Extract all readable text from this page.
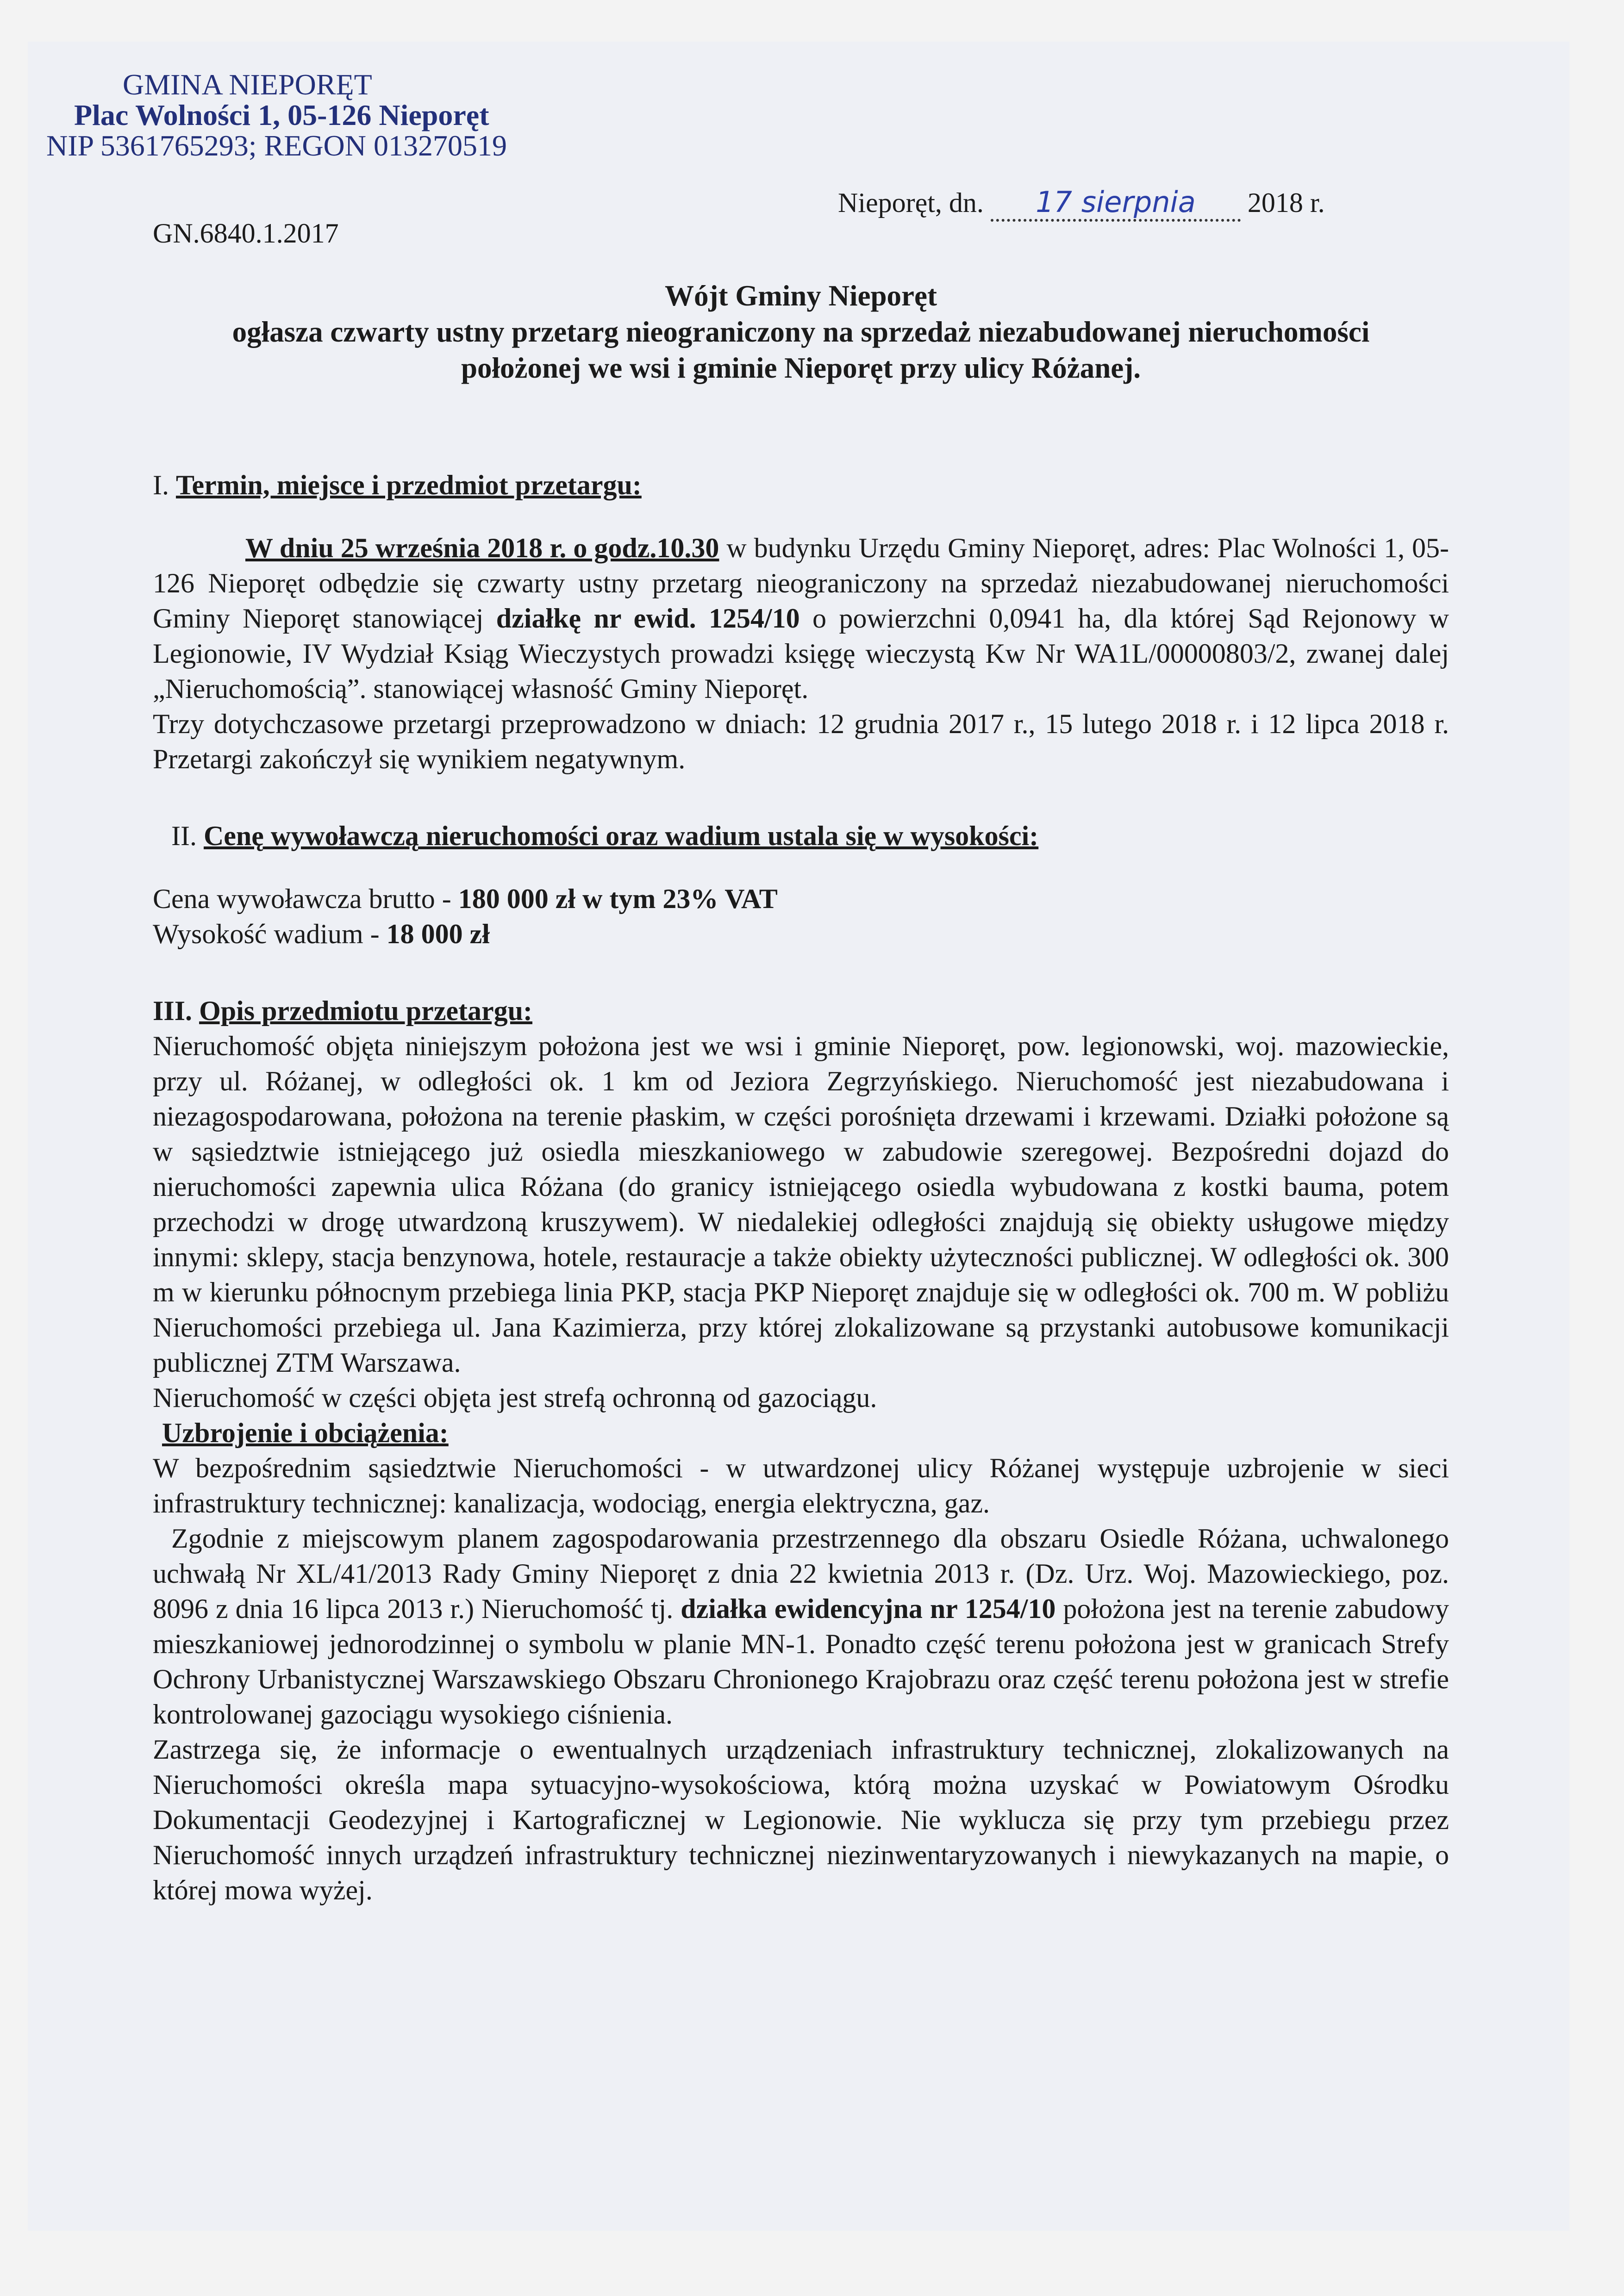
GMINA NIEPORĘT
Plac Wolności 1, 05-126 Nieporęt
NIP 5361765293; REGON 013270519
GN.6840.1.2017
Nieporęt, dn. 17 sierpnia 2018 r.
Wójt Gminy Nieporęt
ogłasza czwarty ustny przetarg nieograniczony na sprzedaż niezabudowanej nieruchomości
położonej we wsi i gminie Nieporęt przy ulicy Różanej.

I. Termin, miejsce i przedmiot przetargu:

W dniu 25 września 2018 r. o godz.10.30 w budynku Urzędu Gminy Nieporęt, adres: Plac Wolności 1, 05-126 Nieporęt odbędzie się czwarty ustny przetarg nieograniczony na sprzedaż niezabudowanej nieruchomości Gminy Nieporęt stanowiącej działkę nr ewid. 1254/10 o powierzchni 0,0941 ha, dla której Sąd Rejonowy w Legionowie, IV Wydział Ksiąg Wieczystych prowadzi księgę wieczystą Kw Nr WA1L/00000803/2, zwanej dalej „Nieruchomością”. stanowiącej własność Gminy Nieporęt.

Trzy dotychczasowe przetargi przeprowadzono w dniach: 12 grudnia 2017 r., 15 lutego 2018 r. i 12 lipca 2018 r. Przetargi zakończył się wynikiem negatywnym.

II. Cenę wywoławczą nieruchomości oraz wadium ustala się w wysokości:

Cena wywoławcza brutto - 180 000 zł w tym 23% VAT

Wysokość wadium - 18 000 zł

III. Opis przedmiotu przetargu:

Nieruchomość objęta niniejszym położona jest we wsi i gminie Nieporęt, pow. legionowski, woj. mazowieckie, przy ul. Różanej, w odległości ok. 1 km od Jeziora Zegrzyńskiego. Nieruchomość jest niezabudowana i niezagospodarowana, położona na terenie płaskim, w części porośnięta drzewami i krzewami. Działki położone są w sąsiedztwie istniejącego już osiedla mieszkaniowego w zabudowie szeregowej. Bezpośredni dojazd do nieruchomości zapewnia ulica Różana (do granicy istniejącego osiedla wybudowana z kostki bauma, potem przechodzi w drogę utwardzoną kruszywem). W niedalekiej odległości znajdują się obiekty usługowe między innymi: sklepy, stacja benzynowa, hotele, restauracje a także obiekty użyteczności publicznej. W odległości ok. 300 m w kierunku północnym przebiega linia PKP, stacja PKP Nieporęt znajduje się w odległości ok. 700 m. W pobliżu Nieruchomości przebiega ul. Jana Kazimierza, przy której zlokalizowane są przystanki autobusowe komunikacji publicznej ZTM Warszawa.

Nieruchomość w części objęta jest strefą ochronną od gazociągu.

Uzbrojenie i obciążenia:

W bezpośrednim sąsiedztwie Nieruchomości - w utwardzonej ulicy Różanej występuje uzbrojenie w sieci infrastruktury technicznej: kanalizacja, wodociąg, energia elektryczna, gaz.

Zgodnie z miejscowym planem zagospodarowania przestrzennego dla obszaru Osiedle Różana, uchwalonego uchwałą Nr XL/41/2013 Rady Gminy Nieporęt z dnia 22 kwietnia 2013 r. (Dz. Urz. Woj. Mazowieckiego, poz. 8096 z dnia 16 lipca 2013 r.) Nieruchomość tj. działka ewidencyjna nr 1254/10 położona jest na terenie zabudowy mieszkaniowej jednorodzinnej o symbolu w planie MN-1. Ponadto część terenu położona jest w granicach Strefy Ochrony Urbanistycznej Warszawskiego Obszaru Chronionego Krajobrazu oraz część terenu położona jest w strefie kontrolowanej gazociągu wysokiego ciśnienia.

Zastrzega się, że informacje o ewentualnych urządzeniach infrastruktury technicznej, zlokalizowanych na Nieruchomości określa mapa sytuacyjno-wysokościowa, którą można uzyskać w Powiatowym Ośrodku Dokumentacji Geodezyjnej i Kartograficznej w Legionowie. Nie wyklucza się przy tym przebiegu przez Nieruchomość innych urządzeń infrastruktury technicznej niezinwentaryzowanych i niewykazanych na mapie, o której mowa wyżej.
